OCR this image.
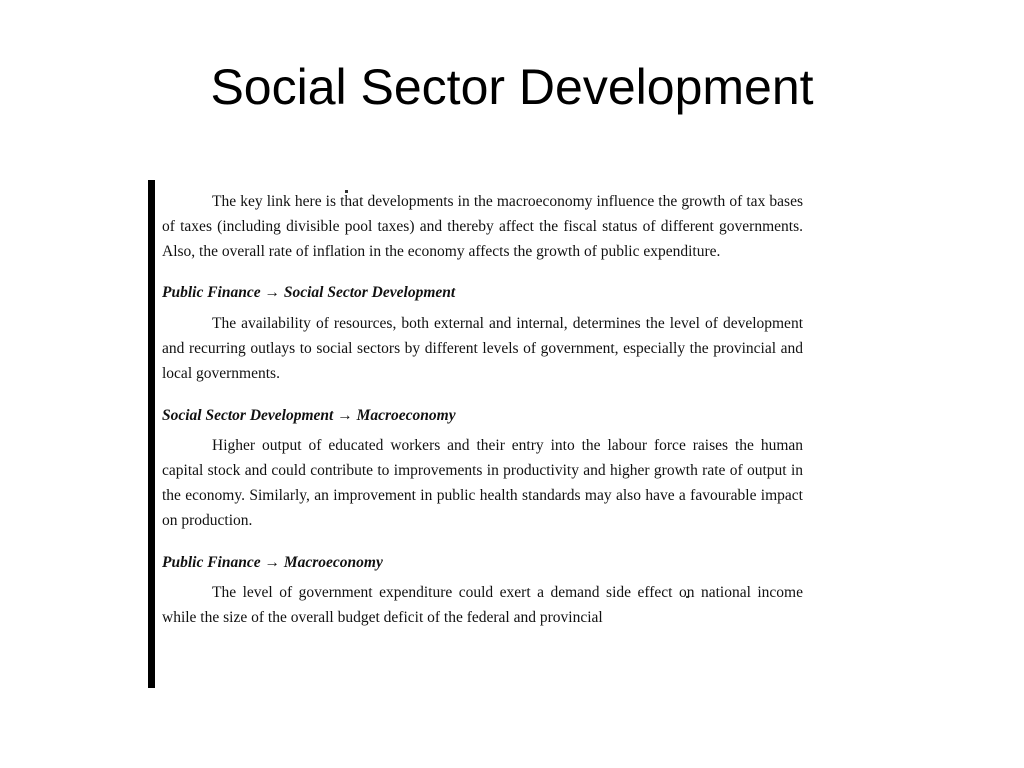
Social Sector Development

The key link here is that developments in the macroeconomy influence the growth of tax bases of taxes (including divisible pool taxes) and thereby affect the fiscal status of different governments. Also, the overall rate of inflation in the economy affects the growth of public expenditure.

Public Finance → Social Sector Development

The availability of resources, both external and internal, determines the level of development and recurring outlays to social sectors by different levels of government, especially the provincial and local governments.

Social Sector Development → Macroeconomy

Higher output of educated workers and their entry into the labour force raises the human capital stock and could contribute to improvements in productivity and higher growth rate of output in the economy. Similarly, an improvement in public health standards may also have a favourable impact on production.

Public Finance → Macroeconomy

The level of government expenditure could exert a demand side effect on national income while the size of the overall budget deficit of the federal and provincial
